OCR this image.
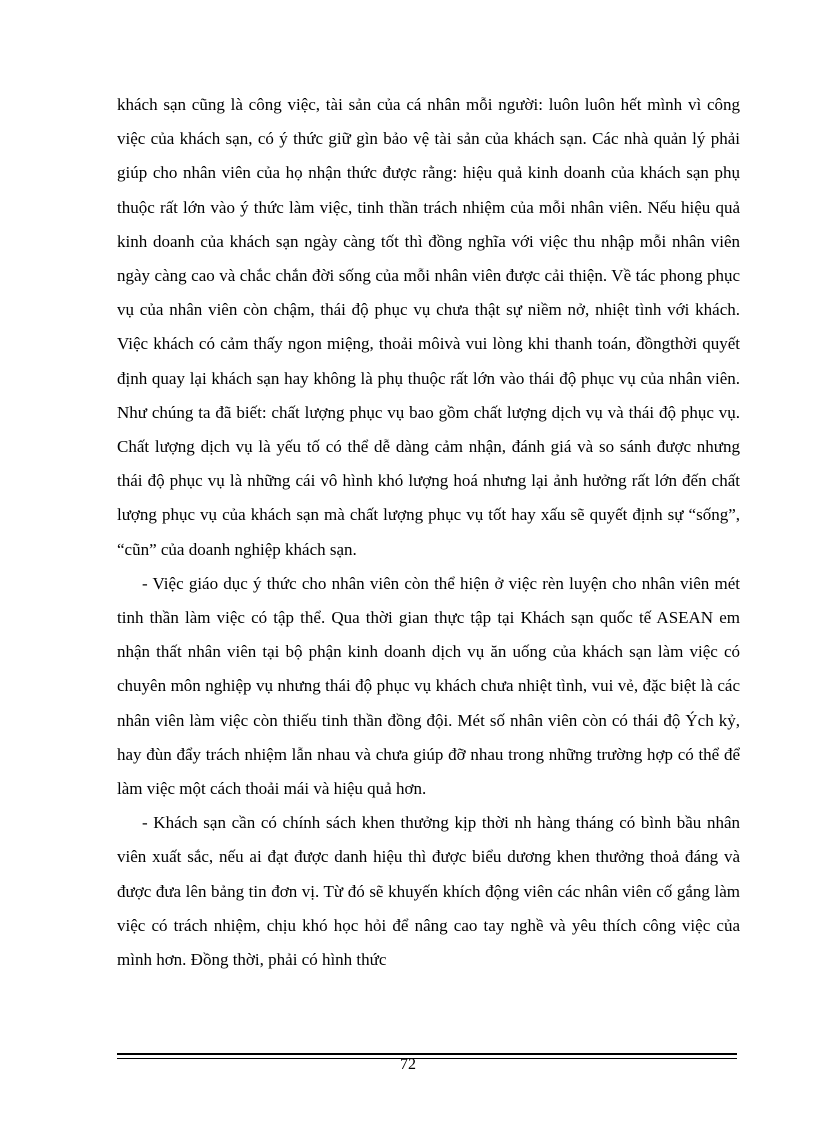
khách sạn cũng là công việc, tài sản của cá nhân mỗi người: luôn luôn hết mình vì công việc của khách sạn, có ý thức giữ gìn bảo vệ tài sản của khách sạn. Các nhà quản lý phải giúp cho nhân viên của họ nhận thức được rằng: hiệu quả kinh doanh của khách sạn phụ thuộc rất lớn vào ý thức làm việc, tinh thần trách nhiệm của mỗi nhân viên. Nếu hiệu quả kinh doanh của khách sạn ngày càng tốt thì đồng nghĩa với việc thu nhập mỗi nhân viên ngày càng cao và chắc chắn đời sống của mỗi nhân viên được cải thiện. Về tác phong phục vụ của nhân viên còn chậm, thái độ phục vụ chưa thật sự niềm nở, nhiệt tình với khách. Việc khách có cảm thấy ngon miệng, thoải môivà vui lòng khi thanh toán, đồngthời quyết định quay lại khách sạn hay không là phụ thuộc rất lớn vào thái độ phục vụ của nhân viên. Như chúng ta đã biết: chất lượng phục vụ bao gồm chất lượng dịch vụ và thái độ phục vụ. Chất lượng dịch vụ là yếu tố có thể dễ dàng cảm nhận, đánh giá và so sánh được nhưng thái độ phục vụ là những cái vô hình khó lượng hoá nhưng lại ảnh hưởng rất lớn đến chất lượng phục vụ của khách sạn mà chất lượng phục vụ tốt hay xấu sẽ quyết định sự “sống”, “cũn” của doanh nghiệp khách sạn.

- Việc giáo dục ý thức cho nhân viên còn thể hiện ở việc rèn luyện cho nhân viên mét tinh thần làm việc có tập thể. Qua thời gian thực tập tại Khách sạn quốc tế ASEAN em nhận thất nhân viên tại bộ phận kinh doanh dịch vụ ăn uống của khách sạn làm việc có chuyên môn nghiệp vụ nhưng thái độ phục vụ khách chưa nhiệt tình, vui vẻ, đặc biệt là các nhân viên làm việc còn thiếu tinh thần đồng đội. Mét số nhân viên còn có thái độ Ých kỷ, hay đùn đẩy trách nhiệm lẫn nhau và chưa giúp đỡ nhau trong những trường hợp có thể để làm việc một cách thoải mái và hiệu quả hơn.

- Khách sạn cần có chính sách khen thưởng kịp thời nh hàng tháng có bình bầu nhân viên xuất sắc, nếu ai đạt được danh hiệu thì được biểu dương khen thưởng thoả đáng và được đưa lên bảng tin đơn vị. Từ đó sẽ khuyến khích động viên các nhân viên cố gắng làm việc có trách nhiệm, chịu khó học hỏi để nâng cao tay nghề và yêu thích công việc của mình hơn. Đồng thời, phải có hình thức

72
